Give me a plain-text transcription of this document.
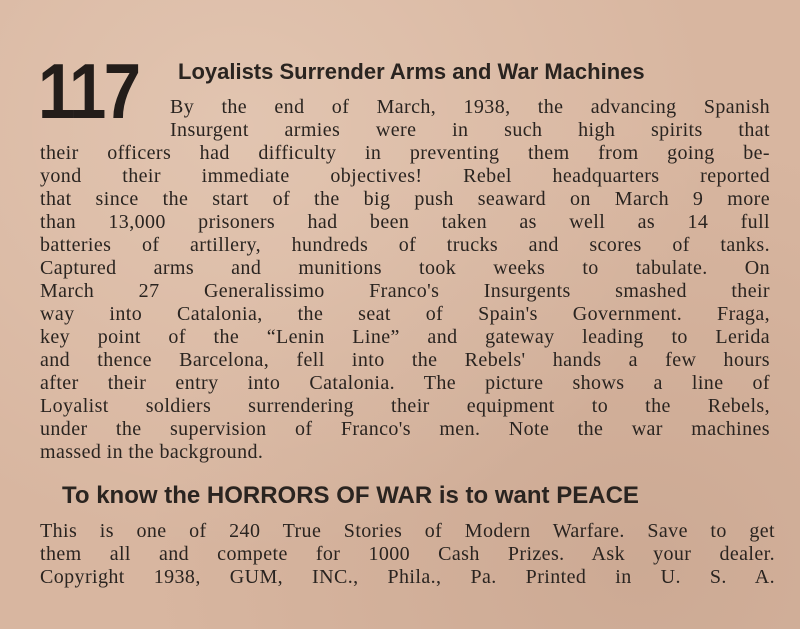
117 Loyalists Surrender Arms and War Machines
By the end of March, 1938, the advancing Spanish
Insurgent armies were in such high spirits that
their officers had difficulty in preventing them from going be-
yond their immediate objectives! Rebel headquarters reported
that since the start of the big push seaward on March 9 more
than 13,000 prisoners had been taken as well as 14 full
batteries of artillery, hundreds of trucks and scores of tanks.
Captured arms and munitions took weeks to tabulate. On
March 27 Generalissimo Franco's Insurgents smashed their
way into Catalonia, the seat of Spain's Government. Fraga,
key point of the “Lenin Line” and gateway leading to Lerida
and thence Barcelona, fell into the Rebels' hands a few hours
after their entry into Catalonia. The picture shows a line of
Loyalist soldiers surrendering their equipment to the Rebels,
under the supervision of Franco's men. Note the war machines
massed in the background.
To know the HORRORS OF WAR is to want PEACE
This is one of 240 True Stories of Modern Warfare. Save to get
them all and compete for 1000 Cash Prizes. Ask your dealer.
Copyright 1938, GUM, INC., Phila., Pa. Printed in U. S. A.
